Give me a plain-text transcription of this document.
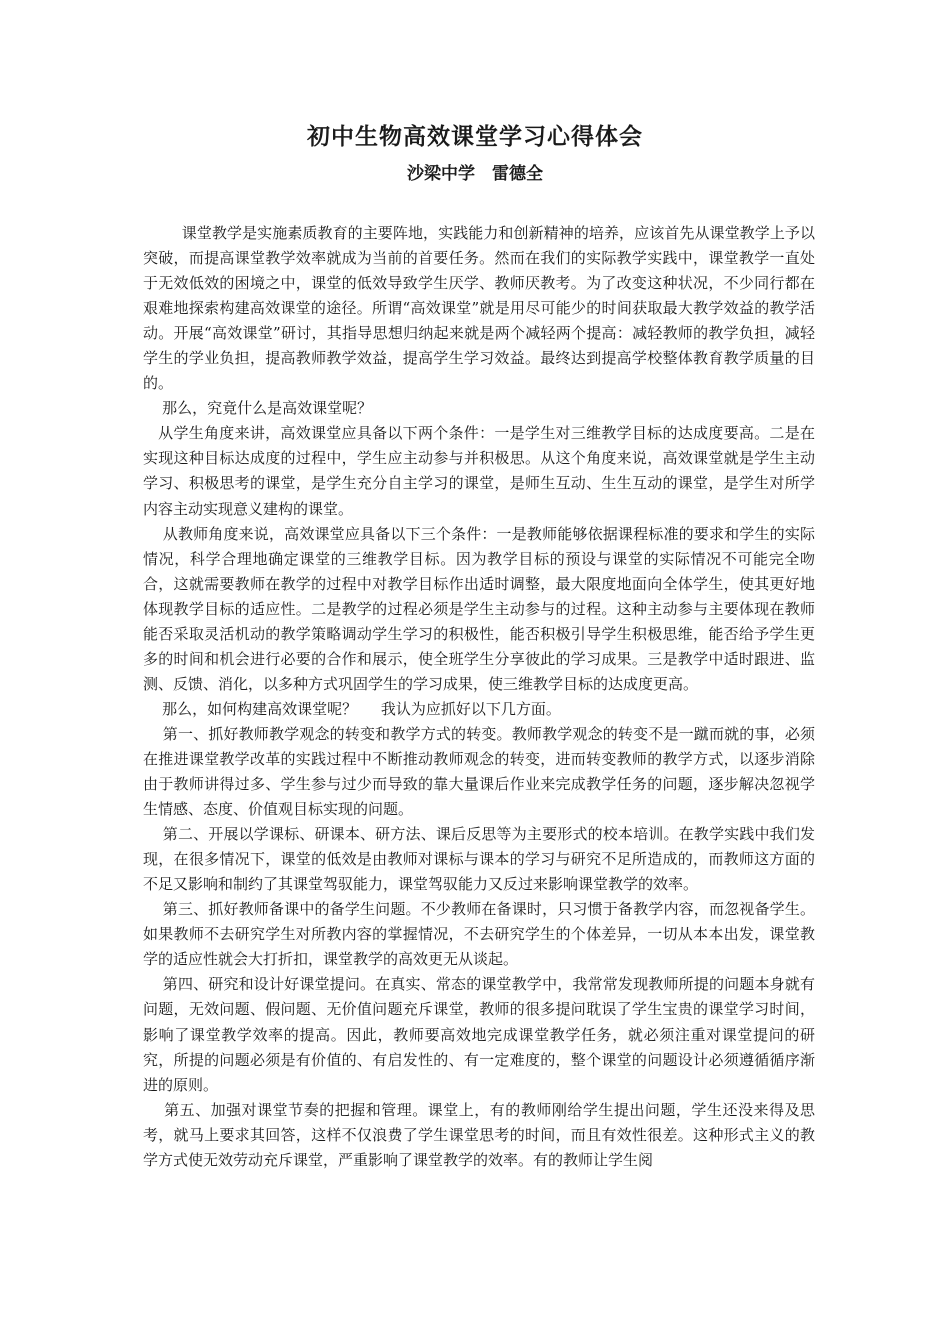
初中生物高效课堂学习心得体会
沙梁中学　雷德全

课堂教学是实施素质教育的主要阵地，实践能力和创新精神的培养，应该首先从课堂教学上予以突破，而提高课堂教学效率就成为当前的首要任务。然而在我们的实际教学实践中，课堂教学一直处于无效低效的困境之中，课堂的低效导致学生厌学、教师厌教考。为了改变这种状况，不少同行都在艰难地探索构建高效课堂的途径。所谓“高效课堂”就是用尽可能少的时间获取最大教学效益的教学活动。开展“高效课堂”研讨，其指导思想归纳起来就是两个减轻两个提高：减轻教师的教学负担，减轻学生的学业负担，提高教师教学效益，提高学生学习效益。最终达到提高学校整体教育教学质量的目的。

那么，究竟什么是高效课堂呢？

从学生角度来讲，高效课堂应具备以下两个条件：一是学生对三维教学目标的达成度要高。二是在实现这种目标达成度的过程中，学生应主动参与并积极思。从这个角度来说，高效课堂就是学生主动学习、积极思考的课堂，是学生充分自主学习的课堂，是师生互动、生生互动的课堂，是学生对所学内容主动实现意义建构的课堂。

从教师角度来说，高效课堂应具备以下三个条件：一是教师能够依据课程标准的要求和学生的实际情况，科学合理地确定课堂的三维教学目标。因为教学目标的预设与课堂的实际情况不可能完全吻合，这就需要教师在教学的过程中对教学目标作出适时调整，最大限度地面向全体学生，使其更好地体现教学目标的适应性。二是教学的过程必须是学生主动参与的过程。这种主动参与主要体现在教师能否采取灵活机动的教学策略调动学生学习的积极性，能否积极引导学生积极思维，能否给予学生更多的时间和机会进行必要的合作和展示，使全班学生分享彼此的学习成果。三是教学中适时跟进、监测、反馈、消化，以多种方式巩固学生的学习成果，使三维教学目标的达成度更高。

那么，如何构建高效课堂呢？     我认为应抓好以下几方面。

第一、抓好教师教学观念的转变和教学方式的转变。教师教学观念的转变不是一蹴而就的事，必须在推进课堂教学改革的实践过程中不断推动教师观念的转变，进而转变教师的教学方式，以逐步消除由于教师讲得过多、学生参与过少而导致的靠大量课后作业来完成教学任务的问题，逐步解决忽视学生情感、态度、价值观目标实现的问题。

第二、开展以学课标、研课本、研方法、课后反思等为主要形式的校本培训。在教学实践中我们发现，在很多情况下，课堂的低效是由教师对课标与课本的学习与研究不足所造成的，而教师这方面的不足又影响和制约了其课堂驾驭能力，课堂驾驭能力又反过来影响课堂教学的效率。

第三、抓好教师备课中的备学生问题。不少教师在备课时，只习惯于备教学内容，而忽视备学生。如果教师不去研究学生对所教内容的掌握情况，不去研究学生的个体差异，一切从本本出发，课堂教学的适应性就会大打折扣，课堂教学的高效更无从谈起。

第四、研究和设计好课堂提问。在真实、常态的课堂教学中，我常常发现教师所提的问题本身就有问题，无效问题、假问题、无价值问题充斥课堂，教师的很多提问耽误了学生宝贵的课堂学习时间，影响了课堂教学效率的提高。因此，教师要高效地完成课堂教学任务，就必须注重对课堂提问的研究，所提的问题必须是有价值的、有启发性的、有一定难度的，整个课堂的问题设计必须遵循循序渐进的原则。

第五、加强对课堂节奏的把握和管理。课堂上，有的教师刚给学生提出问题，学生还没来得及思考，就马上要求其回答，这样不仅浪费了学生课堂思考的时间，而且有效性很差。这种形式主义的教学方式使无效劳动充斥课堂，严重影响了课堂教学的效率。有的教师让学生阅
